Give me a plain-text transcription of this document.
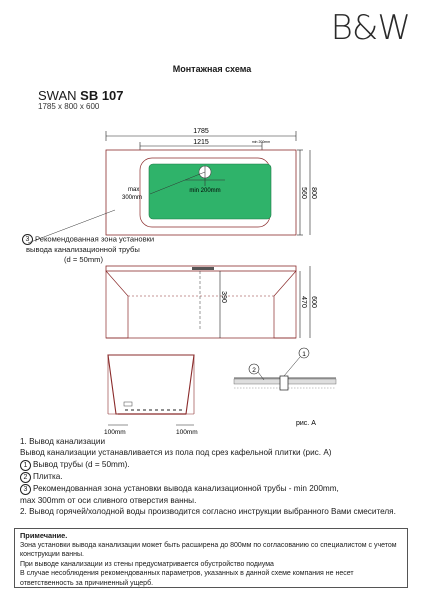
B&W
Монтажная схема
SWAN SB 107
1785 x 800 x 600
1785
min 200mm
1215
min 200mm
max
300mm	560 800
390	470 600
100mm	100mm
1
2
рис. А
3 Рекомендованная зона установки
вывода канализационной трубы
(d = 50mm)
1. Вывод канализации
Вывод канализации устанавливается из пола под срез кафельной плитки (рис. А)
1 Вывод трубы (d = 50mm).
2 Плитка.
3 Рекомендованная зона установки вывода канализационной трубы - min 200mm,
max 300mm от оси сливного отверстия ванны.
2. Вывод горячей/холодной воды производится согласно инструкции выбранного Вами смесителя.
Примечание.
Зона установки вывода канализации может быть расширена до 800мм по согласованию со специалистом с учетом
конструкции ванны.
При выводе канализации из стены предусматривается обустройство подиума
В случае несоблюдения рекомендованных параметров, указанных в данной схеме компания не несет
ответственность за причиненный ущерб.
